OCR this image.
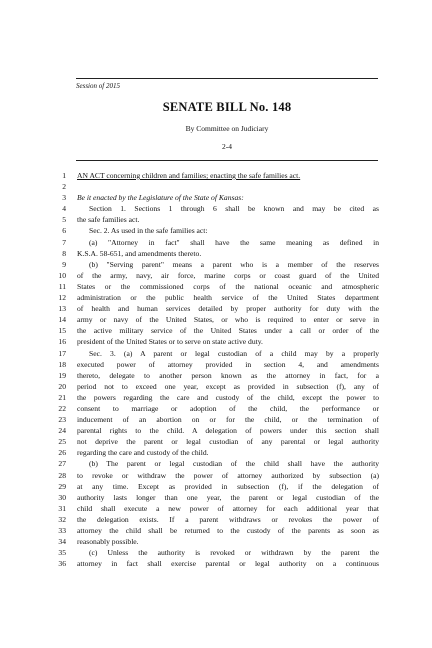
Session of 2015
SENATE BILL No. 148
By Committee on Judiciary
2-4
1 AN ACT concerning children and families; enacting the safe families act.
2
3 Be it enacted by the Legislature of the State of Kansas:
4	Section 1. Sections 1 through 6 shall be known and may be cited as
5 the safe families act.
6	Sec. 2. As used in the safe families act:
7	(a) "Attorney in fact" shall have the same meaning as defined in
8 K.S.A. 58-651, and amendments thereto.
9	(b) "Serving parent" means a parent who is a member of the reserves
10 of the army, navy, air force, marine corps or coast guard of the United
11 States or the commissioned corps of the national oceanic and atmospheric
12 administration or the public health service of the United States department
13 of health and human services detailed by proper authority for duty with the
14 army or navy of the United States, or who is required to enter or serve in
15 the active military service of the United States under a call or order of the
16 president of the United States or to serve on state active duty.
17	Sec. 3. (a) A parent or legal custodian of a child may by a properly
18 executed power of attorney provided in section 4, and amendments
19 thereto, delegate to another person known as the attorney in fact, for a
20 period not to exceed one year, except as provided in subsection (f), any of
21 the powers regarding the care and custody of the child, except the power to
22 consent to marriage or adoption of the child, the performance or
23 inducement of an abortion on or for the child, or the termination of
24 parental rights to the child. A delegation of powers under this section shall
25 not deprive the parent or legal custodian of any parental or legal authority
26 regarding the care and custody of the child.
27	(b) The parent or legal custodian of the child shall have the authority
28 to revoke or withdraw the power of attorney authorized by subsection (a)
29 at any time. Except as provided in subsection (f), if the delegation of
30 authority lasts longer than one year, the parent or legal custodian of the
31 child shall execute a new power of attorney for each additional year that
32 the delegation exists. If a parent withdraws or revokes the power of
33 attorney the child shall be returned to the custody of the parents as soon as
34 reasonably possible.
35	(c) Unless the authority is revoked or withdrawn by the parent the
36 attorney in fact shall exercise parental or legal authority on a continuous
